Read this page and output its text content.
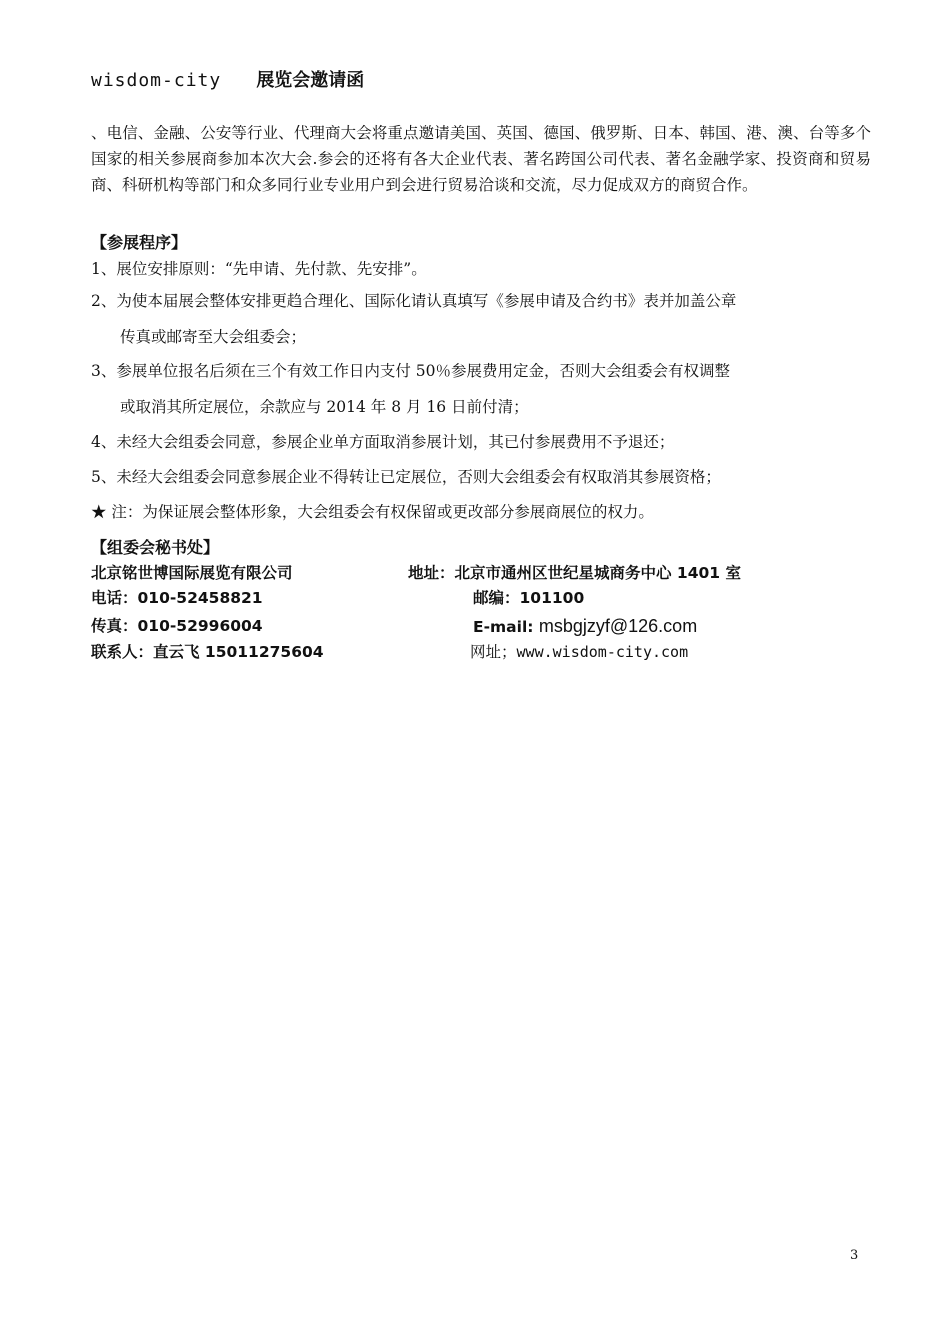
wisdom-city 展览会邀请函

、电信、金融、公安等行业、代理商大会将重点邀请美国、英国、德国、俄罗斯、日本、韩国、港、澳、台等多个国家的相关参展商参加本次大会.参会的还将有各大企业代表、著名跨国公司代表、著名金融学家、投资商和贸易商、科研机构等部门和众多同行业专业用户到会进行贸易洽谈和交流，尽力促成双方的商贸合作。

【参展程序】

1、展位安排原则：“先申请、先付款、先安排”。

2、为使本届展会整体安排更趋合理化、国际化请认真填写《参展申请及合约书》表并加盖公章

传真或邮寄至大会组委会；

3、参展单位报名后须在三个有效工作日内支付 50％参展费用定金，否则大会组委会有权调整

或取消其所定展位，余款应与 2014 年 8 月 16 日前付清；

4、未经大会组委会同意，参展企业单方面取消参展计划，其已付参展费用不予退还；

5、未经大会组委会同意参展企业不得转让已定展位，否则大会组委会有权取消其参展资格；

★ 注：为保证展会整体形象，大会组委会有权保留或更改部分参展商展位的权力。

【组委会秘书处】

北京铭世博国际展览有限公司	地址：北京市通州区世纪星城商务中心 1401 室

电话：010-52458821	邮编：101100

传真：010-52996004	E-mail: msbgjzyf@126.com

联系人：直云飞 15011275604	网址；www.wisdom-city.com

3
